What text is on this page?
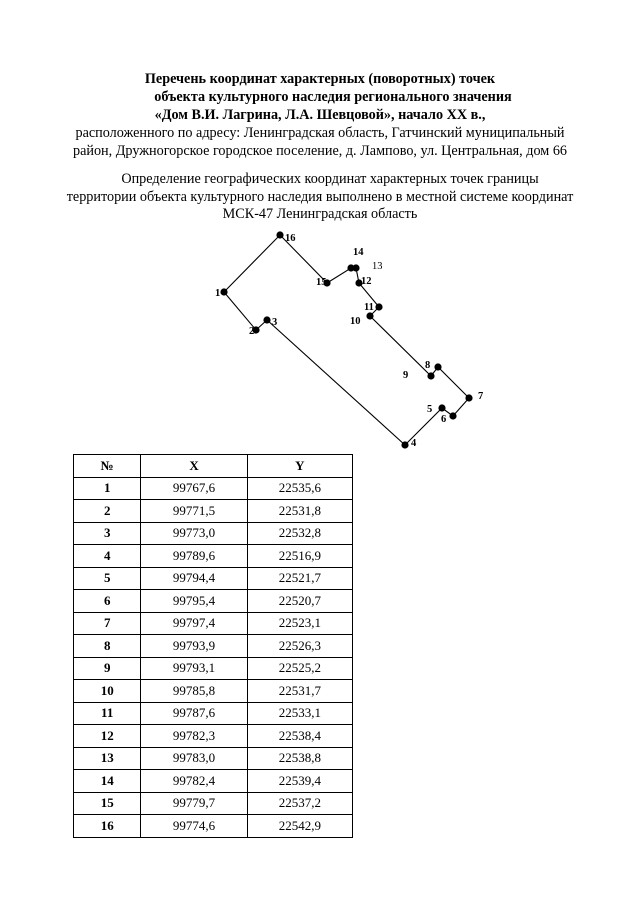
Перечень координат характерных (поворотных) точек
объекта культурного наследия регионального значения
«Дом В.И. Лагрина, Л.А. Шевцовой», начало XX в.,
расположенного по адресу: Ленинградская область, Гатчинский муниципальный
район, Дружногорское городское поселение, д. Лампово, ул. Центральная, дом 66
Определение географических координат характерных точек границы
территории объекта культурного наследия выполнено в местной системе координат
МСК-47 Ленинградская область
1
2
3
4
5
6
7
8
9
10
11
12
13
14
15
16
№	X	Y
1	99767,6	22535,6
2	99771,5	22531,8
3	99773,0	22532,8
4	99789,6	22516,9
5	99794,4	22521,7
6	99795,4	22520,7
7	99797,4	22523,1
8	99793,9	22526,3
9	99793,1	22525,2
10	99785,8	22531,7
11	99787,6	22533,1
12	99782,3	22538,4
13	99783,0	22538,8
14	99782,4	22539,4
15	99779,7	22537,2
16	99774,6	22542,9
